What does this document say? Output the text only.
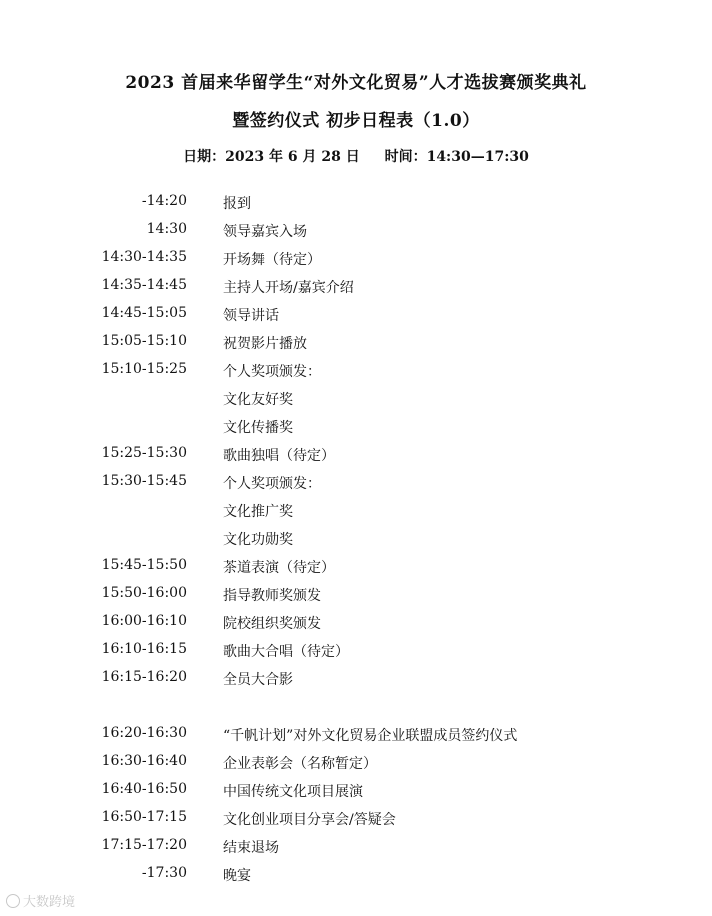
2023 首届来华留学生“对外文化贸易”人才选拔赛颁奖典礼
暨签约仪式 初步日程表（1.0）
日期：2023 年 6 月 28 日 时间：14:30—17:30
-14:20	报到
14:30	领导嘉宾入场
14:30-14:35	开场舞（待定）
14:35-14:45	主持人开场/嘉宾介绍
14:45-15:05	领导讲话
15:05-15:10	祝贺影片播放
15:10-15:25	个人奖项颁发：
文化友好奖
文化传播奖
15:25-15:30	歌曲独唱（待定）
15:30-15:45	个人奖项颁发：
文化推广奖
文化功勋奖
15:45-15:50	茶道表演（待定）
15:50-16:00	指导教师奖颁发
16:00-16:10	院校组织奖颁发
16:10-16:15	歌曲大合唱（待定）
16:15-16:20	全员大合影
16:20-16:30	“千帆计划”对外文化贸易企业联盟成员签约仪式
16:30-16:40	企业表彰会（名称暂定）
16:40-16:50	中国传统文化项目展演
16:50-17:15	文化创业项目分享会/答疑会
17:15-17:20	结束退场
-17:30	晚宴
大数跨境
